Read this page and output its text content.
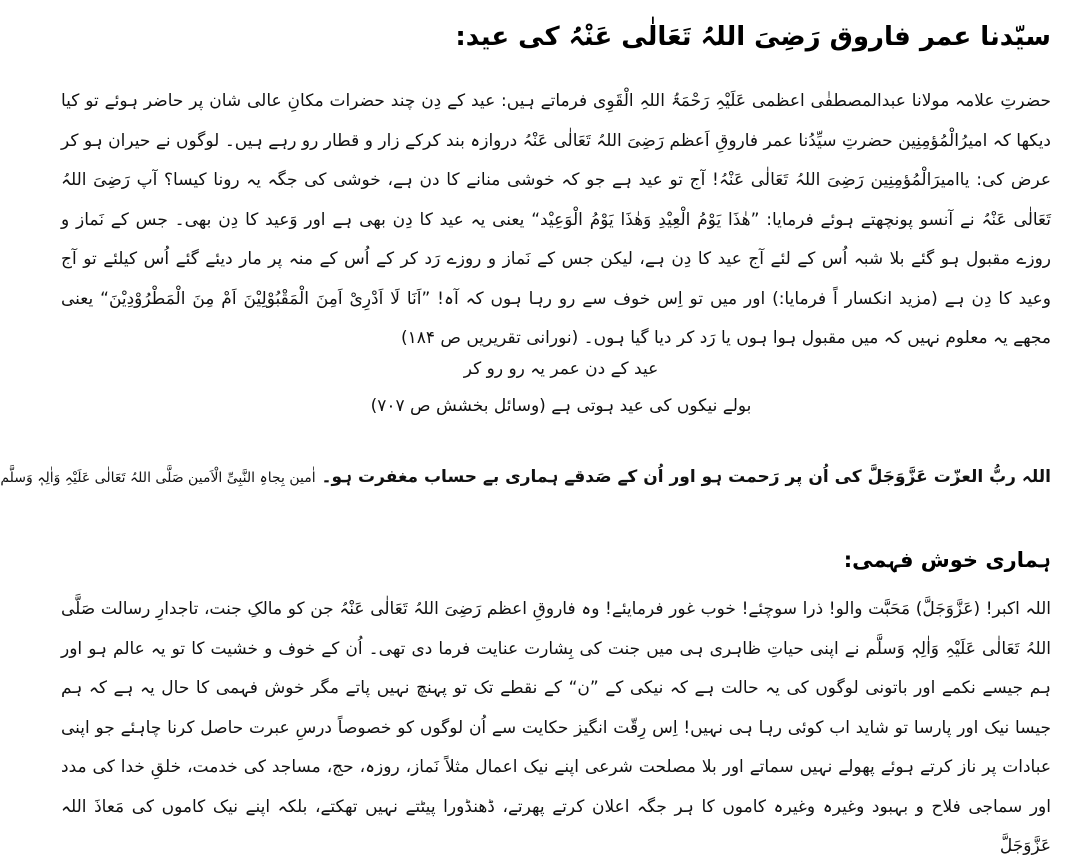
سیّدنا عمر فاروق رَضِیَ اللہُ تَعَالٰی عَنْہُ کی عید:

حضرتِ علامہ مولانا عبدالمصطفٰی اعظمی عَلَیْہِ رَحْمَۃُ اللہِ الْقَوِی فرماتے ہیں: عید کے دِن چند حضرات مکانِ عالی شان پر حاضر ہوئے تو کیا دیکھا کہ امیرُالْمُؤمِنِین حضرتِ سیِّدُنا عمر فاروقِ اَعظم رَضِیَ اللہُ تَعَالٰی عَنْہُ دروازہ بند کرکے زار و قطار رو رہے ہیں۔ لوگوں نے حیران ہو کر عرض کی: یاامیرَالْمُؤمِنِین رَضِیَ اللہُ تَعَالٰی عَنْہُ! آج تو عید ہے جو کہ خوشی منانے کا دن ہے، خوشی کی جگہ یہ رونا کیسا؟ آپ رَضِیَ اللہُ تَعَالٰی عَنْہُ نے آنسو پونچھتے ہوئے فرمایا: ”ھٰذَا یَوْمُ الْعِیْدِ وَھٰذَا یَوْمُ الْوَعِیْد“ یعنی یہ عید کا دِن بھی ہے اور وَعید کا دِن بھی۔ جس کے نَماز و روزے مقبول ہو گئے بلا شبہ اُس کے لئے آج عید کا دِن ہے، لیکن جس کے نَماز و روزے رَد کر کے اُس کے منہ پر مار دیئے گئے اُس کیلئے تو آج وعید کا دِن ہے (مزید انکسار اً فرمایا:) اور میں تو اِس خوف سے رو رہا ہوں کہ آہ! ”اَنَا لَا اَدْرِیْ اَمِنَ الْمَقْبُوْلِیْنَ اَمْ مِنَ الْمَطْرُوْدِیْنَ“ یعنی مجھے یہ معلوم نہیں کہ میں مقبول ہوا ہوں یا رَد کر دیا گیا ہوں۔ (نورانی تقریریں ص ۱۸۴)

عید کے دن عمر یہ رو رو کر

بولے نیکوں کی عید ہوتی ہے (وسائل بخشش ص ۷۰۷)

اللہ ربُّ العزّت عَزَّوَجَلَّ کی اُن پر رَحمت ہو اور اُن کے صَدقے ہماری بے حساب مغفرت ہو۔ اٰمین بِجاہِ النَّبِیِّ الْاَمین صَلَّی اللہُ تَعَالٰی عَلَیْہِ وَاٰلِہٖ وَسلَّم

ہماری خوش فہمی:

اللہ اکبر! (عَزَّوَجَلَّ) مَحَبَّت والو! ذرا سوچئے! خوب غور فرمایئے! وہ فاروقِ اعظم رَضِیَ اللہُ تَعَالٰی عَنْہُ جن کو مالکِ جنت، تاجدارِ رسالت صَلَّی اللہُ تَعَالٰی عَلَیْہِ وَاٰلِہٖ وَسلَّم نے اپنی حیاتِ ظاہری ہی میں جنت کی بِشارت عنایت فرما دی تھی۔ اُن کے خوف و خشیت کا تو یہ عالم ہو اور ہم جیسے نکمے اور باتونی لوگوں کی یہ حالت ہے کہ نیکی کے ”ن“ کے نقطے تک تو پہنچ نہیں پاتے مگر خوش فہمی کا حال یہ ہے کہ ہم جیسا نیک اور پارسا تو شاید اب کوئی رہا ہی نہیں! اِس رِقّت انگیز حکایت سے اُن لوگوں کو خصوصاً درسِ عبرت حاصل کرنا چاہئے جو اپنی عبادات پر ناز کرتے ہوئے پھولے نہیں سماتے اور بلا مصلحت شرعی اپنے نیک اعمال مثلاً نَماز، روزہ، حج، مساجد کی خدمت، خلقِ خدا کی مدد اور سماجی فلاح و بہبود وغیرہ وغیرہ کاموں کا ہر جگہ اعلان کرتے پھرتے، ڈھنڈورا پیٹتے نہیں تھکتے، بلکہ اپنے نیک کاموں کی مَعاذَ اللہ عَزَّوَجَلَّ
